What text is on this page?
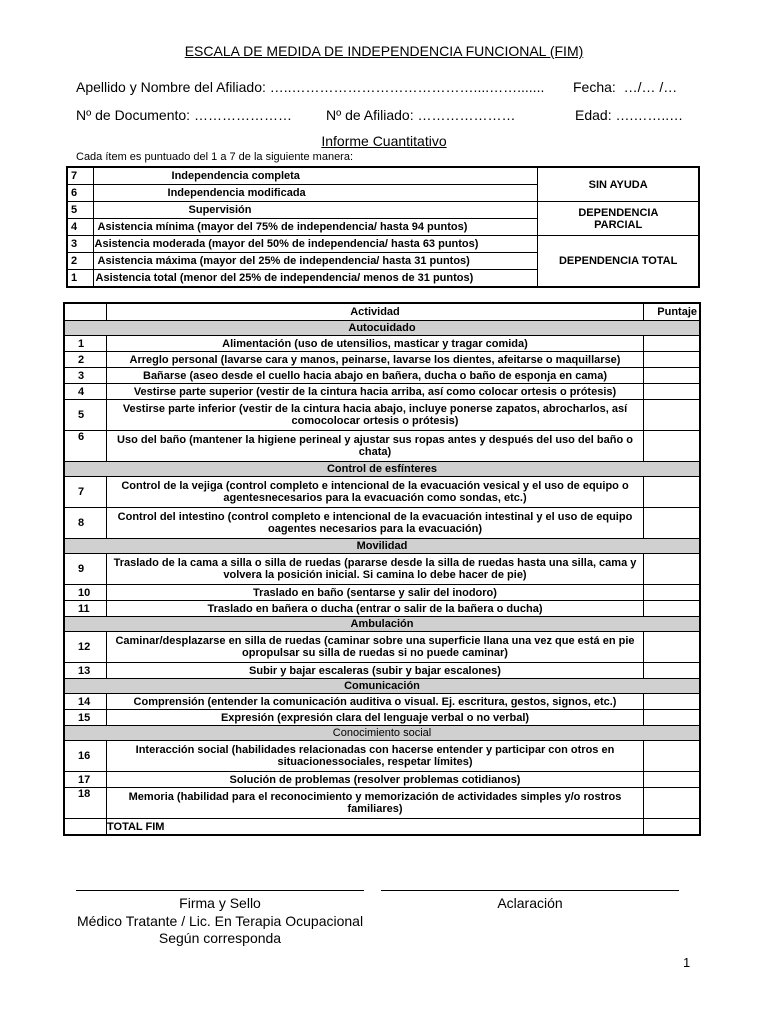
ESCALA DE MEDIDA DE INDEPENDENCIA FUNCIONAL (FIM)
Apellido y Nombre del Afiliado: …..…………………………………....……....... Fecha: …/… /…
Nº de Documento: ………………… Nº de Afiliado: …………………	Edad: ….……..…
Informe Cuantitativo
Cada ítem es puntuado del 1 a 7 de la siguiente manera:
7	Independencia completa	SIN AYUDA
6	Independencia modificada	
5	Supervisión	DEPENDENCIA PARCIAL
4	Asistencia mínima (mayor del 75% de independencia/ hasta 94 puntos)	
3	Asistencia moderada (mayor del 50% de independencia/ hasta 63 puntos)	DEPENDENCIA TOTAL
2	Asistencia máxima (mayor del 25% de independencia/ hasta 31 puntos)	
1	Asistencia total (menor del 25% de independencia/ menos de 31 puntos)	
	Actividad	Puntaje
Autocuidado		
1	Alimentación (uso de utensilios, masticar y tragar comida)	
2	Arreglo personal (lavarse cara y manos, peinarse, lavarse los dientes, afeitarse o maquillarse)	
3	Bañarse (aseo desde el cuello hacia abajo en bañera, ducha o baño de esponja en cama)	
4	Vestirse parte superior (vestir de la cintura hacia arriba, así como colocar ortesis o prótesis)	
5	Vestirse parte inferior (vestir de la cintura hacia abajo, incluye ponerse zapatos, abrocharlos, así comocolocar ortesis o prótesis)	
6	Uso del baño (mantener la higiene perineal y ajustar sus ropas antes y después del uso del baño o chata)	
Control de esfínteres		
7	Control de la vejiga (control completo e intencional de la evacuación vesical y el uso de equipo o agentesnecesarios para la evacuación como sondas, etc.)	
8	Control del intestino (control completo e intencional de la evacuación intestinal y el uso de equipo oagentes necesarios para la evacuación)	
Movilidad		
9	Traslado de la cama a silla o silla de ruedas (pararse desde la silla de ruedas hasta una silla, cama y volvera la posición inicial. Si camina lo debe hacer de pie)	
10	Traslado en baño (sentarse y salir del inodoro)	
11	Traslado en bañera o ducha (entrar o salir de la bañera o ducha)	
Ambulación		
12	Caminar/desplazarse en silla de ruedas (caminar sobre una superficie llana una vez que está en pie opropulsar su silla de ruedas si no puede caminar)	
13	Subir y bajar escaleras (subir y bajar escalones)	
Comunicación		
14	Comprensión (entender la comunicación auditiva o visual. Ej. escritura, gestos, signos, etc.)	
15	Expresión (expresión clara del lenguaje verbal o no verbal)	
Conocimiento social		
16	Interacción social (habilidades relacionadas con hacerse entender y participar con otros en situacionessociales, respetar límites)	
17	Solución de problemas (resolver problemas cotidianos)	
18	Memoria (habilidad para el reconocimiento y memorización de actividades simples y/o rostros familiares)	
	TOTAL FIM	
Firma y Sello
Médico Tratante / Lic. En Terapia Ocupacional
Según corresponda
Aclaración
1
